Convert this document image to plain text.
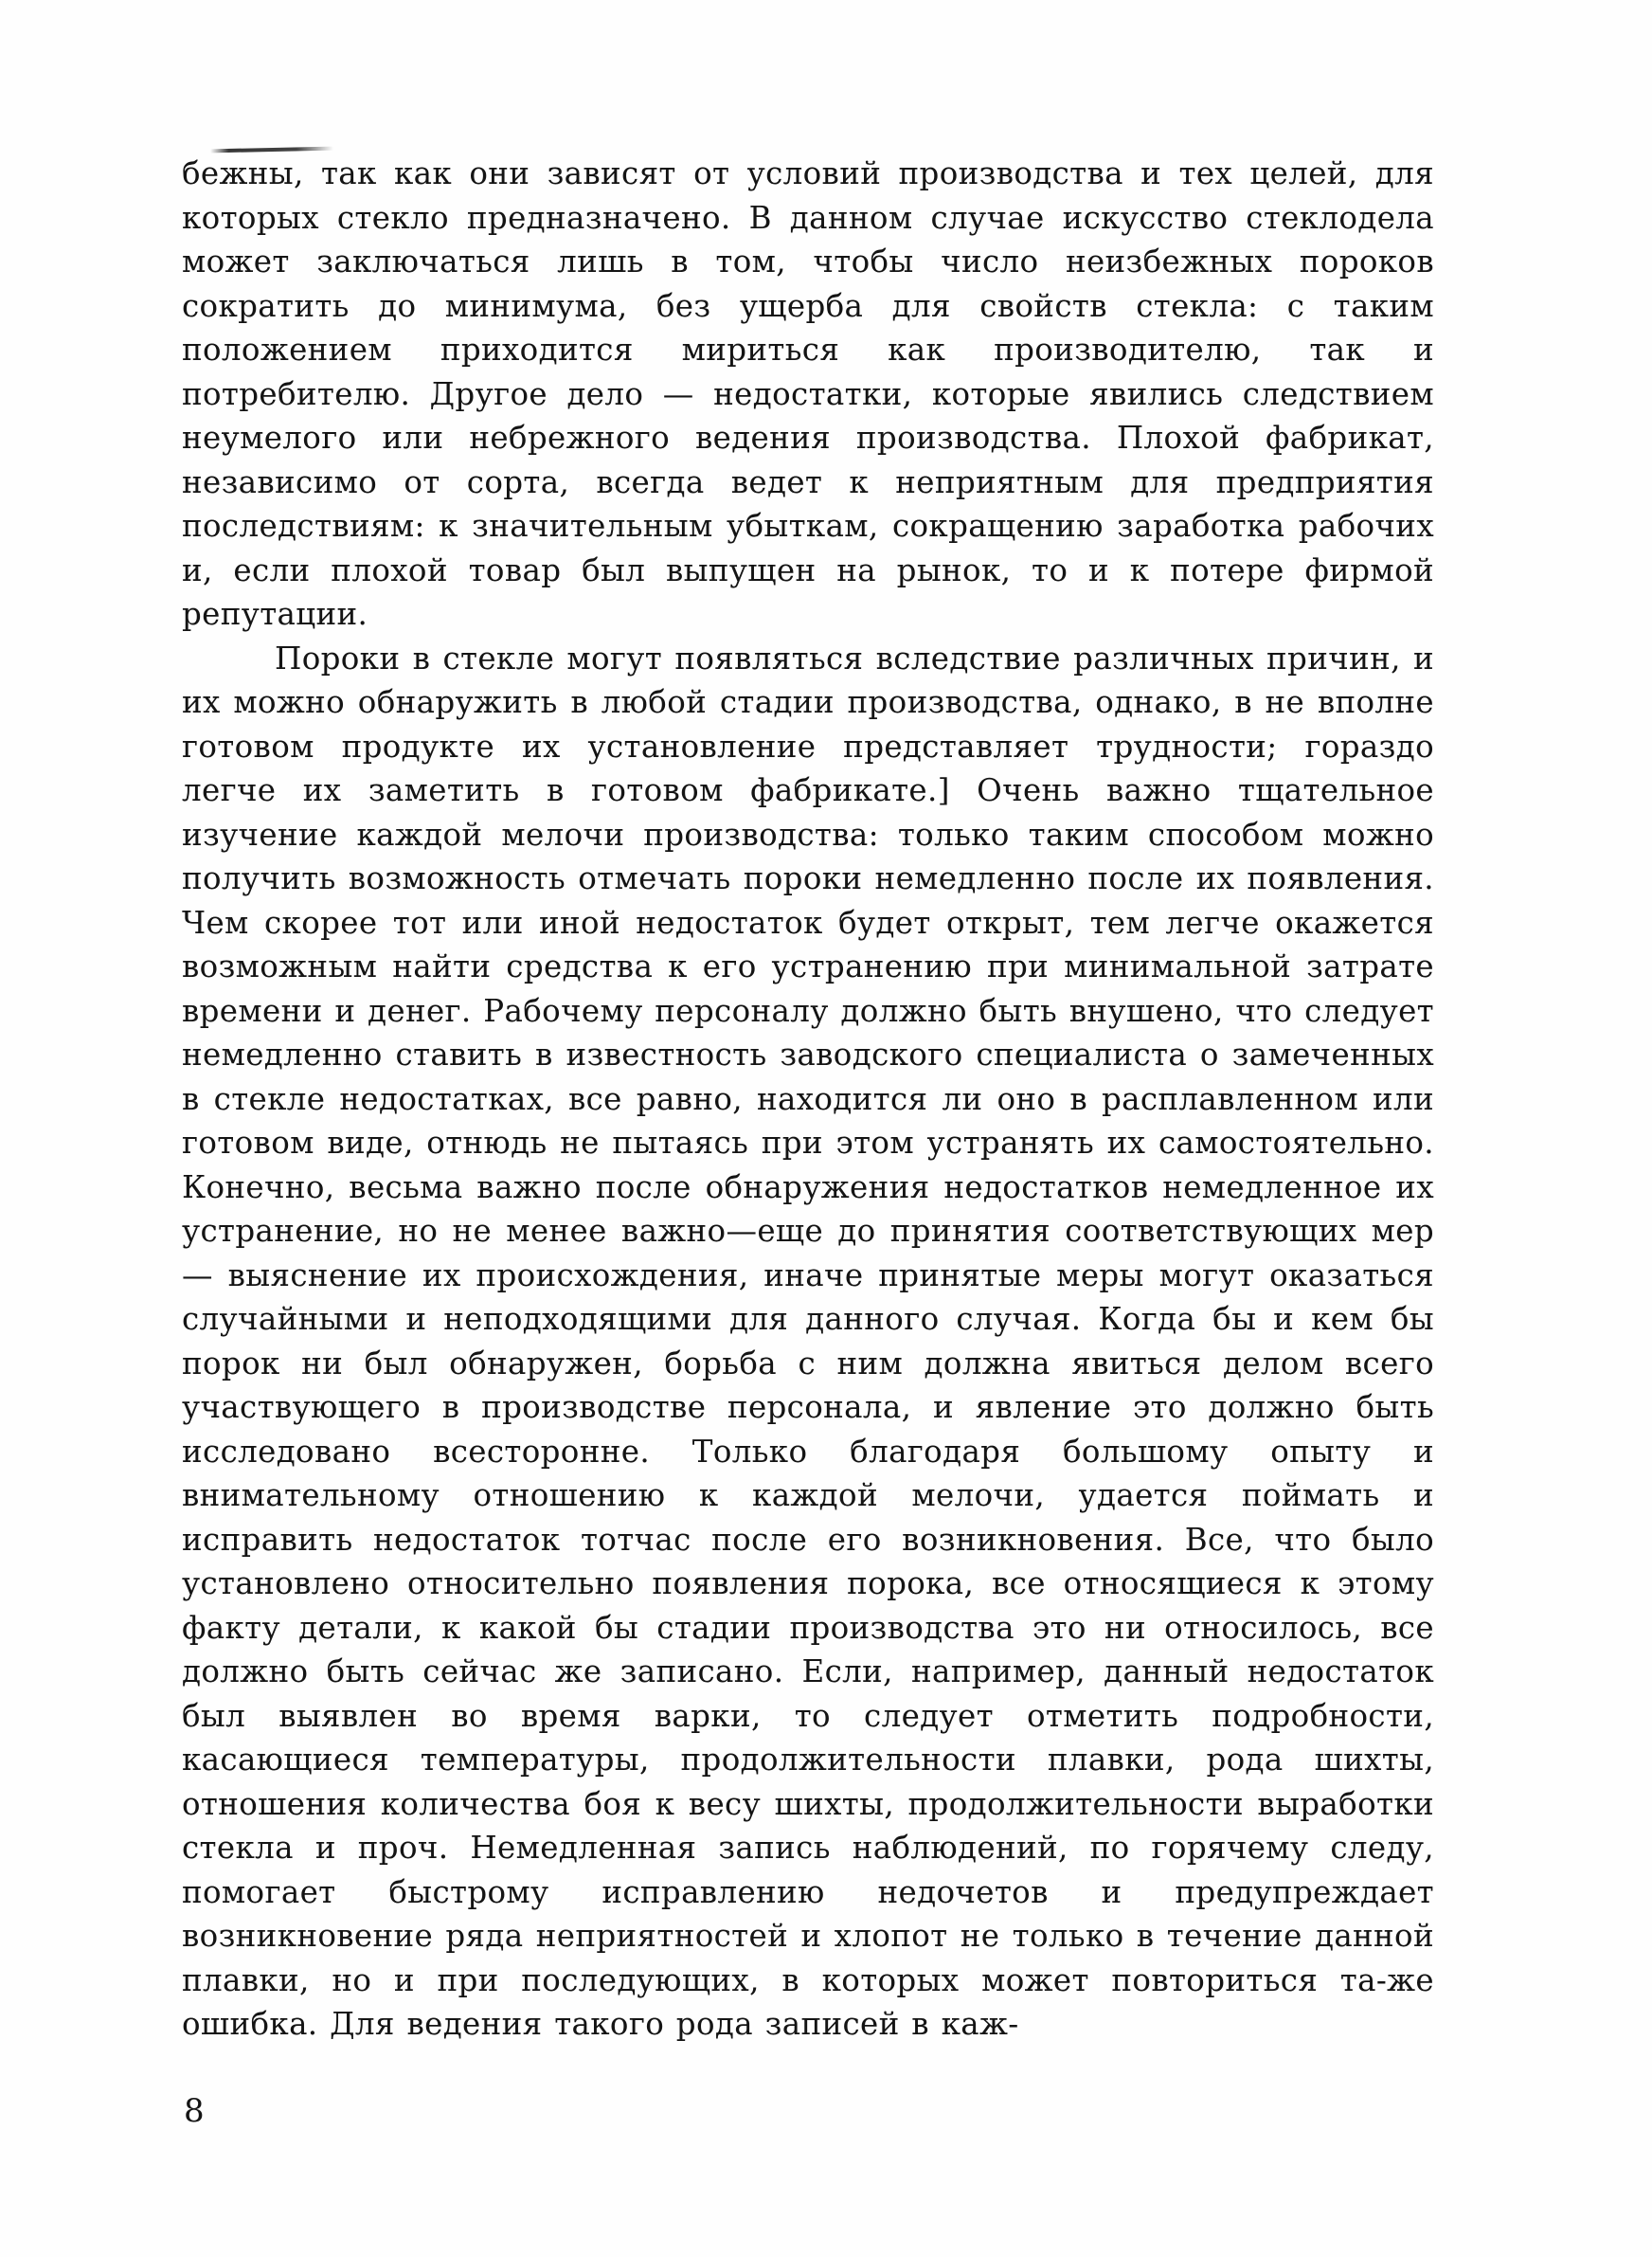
бежны, так как они зависят от условий производства и тех целей, для которых стекло предназначено. В данном случае искусство стеклодела может заключаться лишь в том, чтобы число неизбежных пороков сократить до минимума, без ущерба для свойств стекла: с таким положением приходится мириться как производителю, так и потребителю. Другое дело — недостатки, которые явились следствием неумелого или небрежного ведения производства. Плохой фабрикат, независимо от сорта, всегда ведет к неприятным для предприятия последствиям: к значительным убыткам, сокращению заработка рабочих и, если плохой товар был выпущен на рынок, то и к потере фирмой репутации.

Пороки в стекле могут появляться вследствие различных причин, и их можно обнаружить в любой стадии производства, однако, в не вполне готовом продукте их установление представляет трудности; гораздо легче их заметить в готовом фабрикате.] Очень важно тщательное изучение каждой мелочи производства: только таким способом можно получить возможность отмечать пороки немедленно после их появления. Чем скорее тот или иной недостаток будет открыт, тем легче окажется возможным найти средства к его устранению при минимальной затрате времени и денег. Рабочему персоналу должно быть внушено, что следует немедленно ставить в известность заводского специалиста о замеченных в стекле недостатках, все равно, находится ли оно в расплавленном или готовом виде, отнюдь не пытаясь при этом устранять их самостоятельно. Конечно, весьма важно после обнаружения недостатков немедленное их устранение, но не менее важно—еще до принятия соответствующих мер— выяснение их происхождения, иначе принятые меры могут оказаться случайными и неподходящими для данного случая. Когда бы и кем бы порок ни был обнаружен, борьба с ним должна явиться делом всего участвующего в производстве персонала, и явление это должно быть исследовано всесторонне. Только благодаря большому опыту и внимательному отношению к каждой мелочи, удается поймать и исправить недостаток тотчас после его возникновения. Все, что было установлено относительно появления порока, все относящиеся к этому факту детали, к какой бы стадии производства это ни относилось, все должно быть сейчас же записано. Если, например, данный недостаток был выявлен во время варки, то следует отметить подробности, касающиеся температуры, продолжительности плавки, рода шихты, отношения количества боя к весу шихты, продолжительности выработки стекла и проч. Немедленная запись наблюдений, по горячему следу, помогает быстрому исправлению недочетов и предупреждает возникновение ряда неприятностей и хлопот не только в течение данной плавки, но и при последующих, в которых может повториться та-же ошибка. Для ведения такого рода записей в каж-

8
